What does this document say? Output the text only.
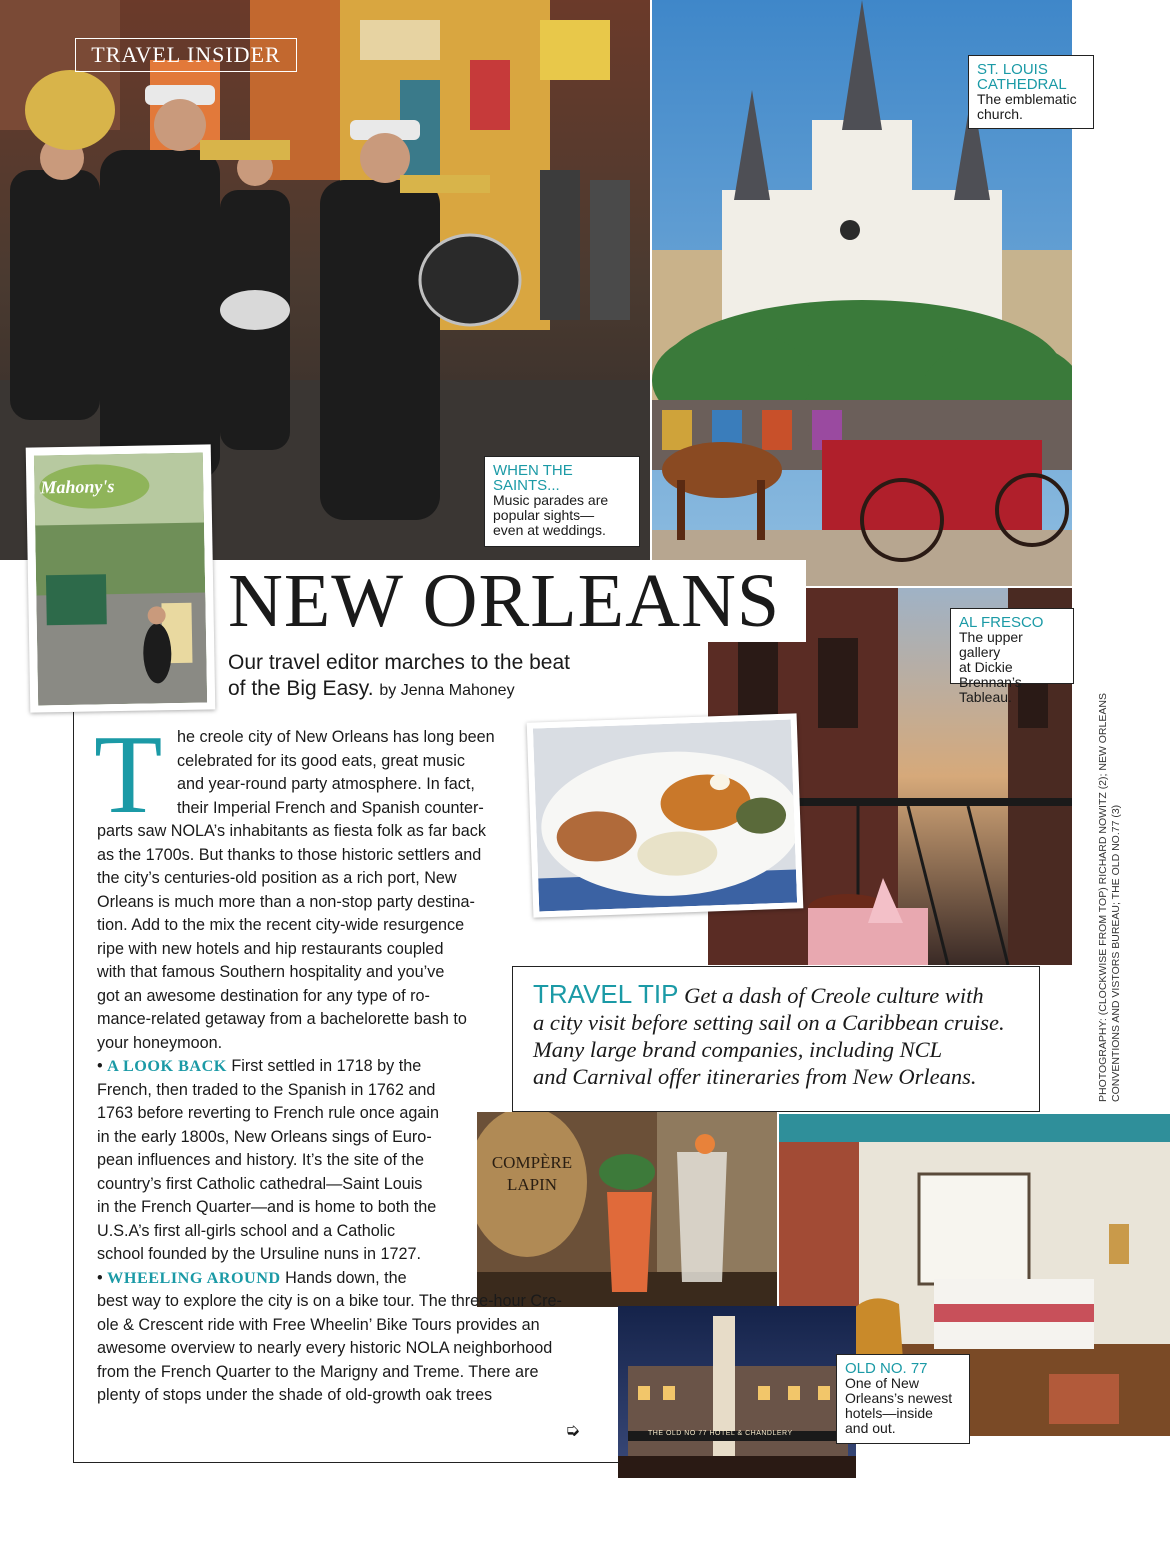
TRAVEL INSIDER
Mahony's
COMPÈRE LAPIN
THE OLD NO 77 HOTEL & CHANDLERY
ST. LOUIS
CATHEDRAL
The emblematic
church.
WHEN THE
SAINTS...
Music parades are
popular sights—
even at weddings.
AL FRESCO
The upper gallery
at Dickie Brennan’s
Tableau.
OLD NO. 77
One of New
Orleans’s newest
hotels—inside
and out.
NEW ORLEANS
Our travel editor marches to the beat
of the Big Easy. by Jenna Mahoney
T he creole city of New Orleans has long been
celebrated for its good eats, great music
and year-round party atmosphere. In fact,
their Imperial French and Spanish counter-
parts saw NOLA’s inhabitants as fiesta folk as far back
as the 1700s. But thanks to those historic settlers and
the city’s centuries-old position as a rich port, New
Orleans is much more than a non-stop party destina-
tion. Add to the mix the recent city-wide resurgence
ripe with new hotels and hip restaurants coupled
with that famous Southern hospitality and you’ve
got an awesome destination for any type of ro-
mance-related getaway from a bachelorette bash to
your honeymoon.
• A LOOK BACK First settled in 1718 by the
French, then traded to the Spanish in 1762 and
1763 before reverting to French rule once again
in the early 1800s, New Orleans sings of Euro-
pean influences and history. It’s the site of the
country’s first Catholic cathedral—Saint Louis
in the French Quarter—and is home to both the
U.S.A’s first all-girls school and a Catholic
school founded by the Ursuline nuns in 1727.
• WHEELING AROUND Hands down, the
best way to explore the city is on a bike tour. The three-hour Cre-
ole & Crescent ride with Free Wheelin’ Bike Tours provides an
awesome overview to nearly every historic NOLA neighborhood
from the French Quarter to the Marigny and Treme. There are
plenty of stops under the shade of old-growth oak trees
➭
TRAVEL TIP Get a dash of Creole culture with
a city visit before setting sail on a Caribbean cruise.
Many large brand companies, including NCL
and Carnival offer itineraries from New Orleans.	PHOTOGRAPHY: (CLOCKWISE FROM TOP) RICHARD NOWITZ (2); NEW ORLEANS CONVENTIONS AND VISTORS BUREAU; THE OLD NO.77 (3)
